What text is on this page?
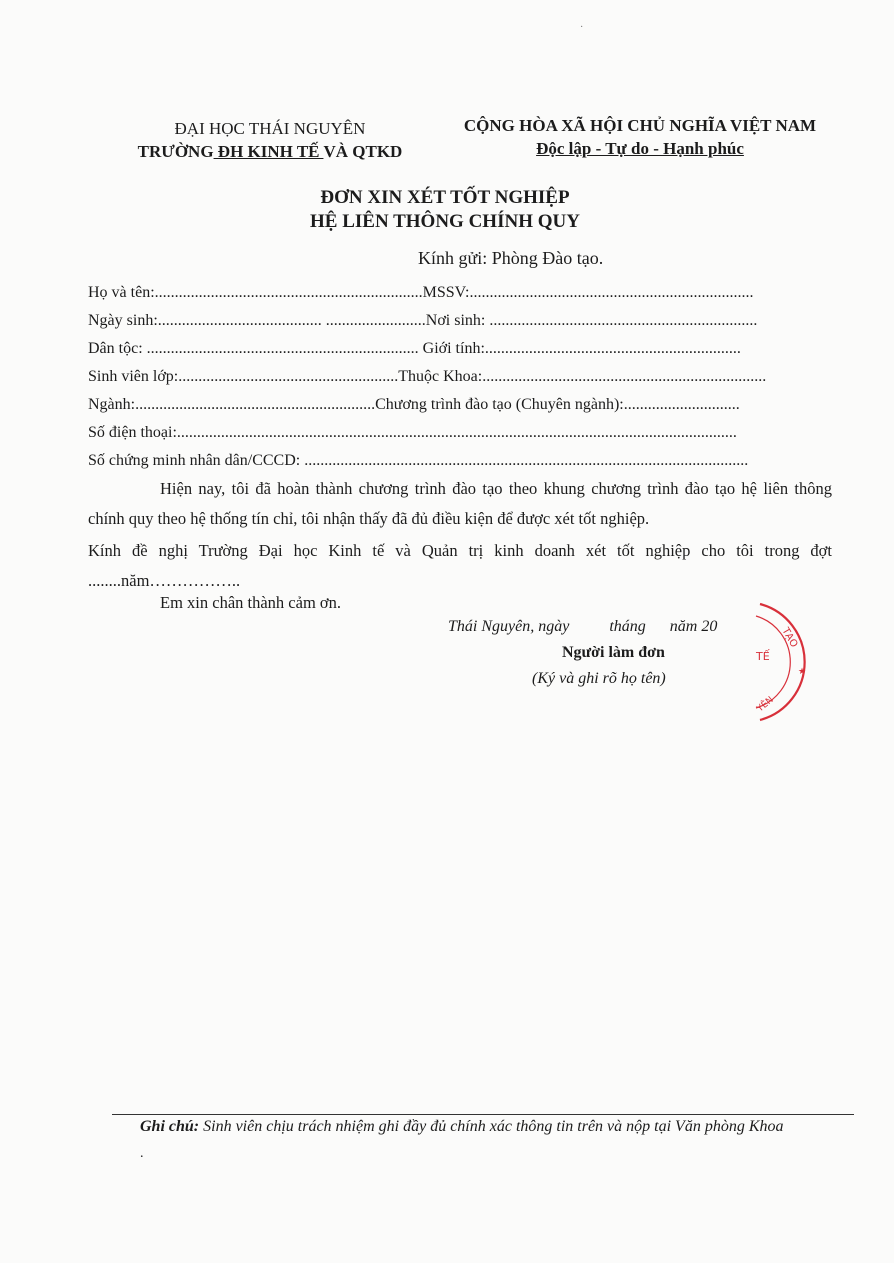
·
ĐẠI HỌC THÁI NGUYÊN
TRƯỜNG ĐH KINH TẾ VÀ QTKD
CỘNG HÒA XÃ HỘI CHỦ NGHĨA VIỆT NAM
Độc lập - Tự do - Hạnh phúc
ĐƠN XIN XÉT TỐT NGHIỆP
HỆ LIÊN THÔNG CHÍNH QUY
Kính gửi: Phòng Đào tạo.
Họ và tên:...................................................................MSSV:.......................................................................
Ngày sinh:......................................... .........................Nơi sinh: ...................................................................
Dân tộc: .................................................................... Giới tính:................................................................
Sinh viên lớp:.......................................................Thuộc Khoa:.......................................................................
Ngành:............................................................Chương trình đào tạo (Chuyên ngành):.............................
Số điện thoại:............................................................................................................................................
Số chứng minh nhân dân/CCCD: ...............................................................................................................
Hiện nay, tôi đã hoàn thành chương trình đào tạo theo khung chương trình đào tạo hệ liên thông chính quy theo hệ thống tín chỉ, tôi nhận thấy đã đủ điều kiện để được xét tốt nghiệp.
Kính đề nghị Trường Đại học Kinh tế và Quản trị kinh doanh xét tốt nghiệp cho tôi trong đợt ........năm……………..
Em xin chân thành cảm ơn.
Thái Nguyên, ngày          tháng      năm 20
Người làm đơn
(Ký và ghi rõ họ tên)
TẠO
TẾ
YÊN
★
Ghi chú: Sinh viên chịu trách nhiệm ghi đầy đủ chính xác thông tin trên và nộp tại Văn phòng Khoa
.
